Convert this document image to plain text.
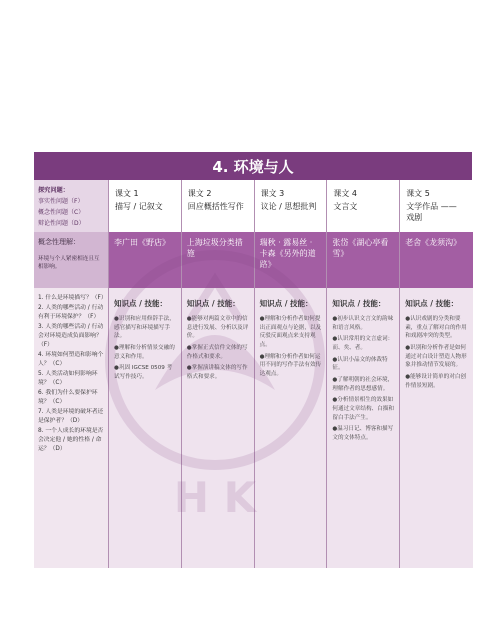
4. 环境与人
探究问题：
事实性问题（F）
概念性问题（C）
辩论性问题（D）
概念性理解：
环境与个人紧密相连且互相影响。
1. 什么是环境描写？（F）
2. 人类的哪些活动 / 行动有利于环境保护？（F）
3. 人类的哪些活动 / 行动会对环境造成负面影响？（F）
4. 环境如何塑造和影响个人？（C）
5. 人类活动如何影响环境？（C）
6. 我们为什么要保护环境？（C）
7. 人类是环境的破坏者还是保护者？（D）
8. 一个人成长的环境是否会决定他 / 她的性格 / 命运？（D）
课文 1
描写 / 记叙文
李广田《野店》
知识点 / 技能：
●识别和应用修辞手法，感官描写和环境描写手法。
●理解和分析情景交融的意义和作用。
●巩固 IGCSE 0509 考试写作技巧。
课文 2
回应概括性写作
上海垃圾分类措施
知识点 / 技能：
●能够对两篇文章中的信息进行发展、分析以及评价。
●掌握正式信件文体的写作格式和要求。
●掌握演讲稿文体的写作格式和要求。
课文 3
议论 / 思想批判
瑞秋 · 露易丝 · 卡森《另外的道路》
知识点 / 技能：
●理解和分析作者如何提出正面观点与论据，以及反驳反面观点来支持观点。
●理解和分析作者如何运用不同的写作手法有效传达观点。
课文 4
文言文
张岱《湖心亭看雪》
知识点 / 技能：
●初步认识文言文的韵味和语言风格。
●认识常用的文言虚词：而、矣、者。
●认识小品文的体裁特征。
●了解明朝的社会环境，理解作者的思想感情。
●分析情景相生的效果如何通过文章结构、白描和留白手法产生。
●温习日记、博客和描写文的文体特点。
课文 5
文学作品 —— 戏剧
老舍《龙须沟》
知识点 / 技能：
●认识戏剧的分类和要素，重点了解对白的作用和戏剧冲突的类型。
●识别和分析作者是如何通过对白设计塑造人物形象并推动情节发展的。
●能够设计简单的对白创作情景短剧。
